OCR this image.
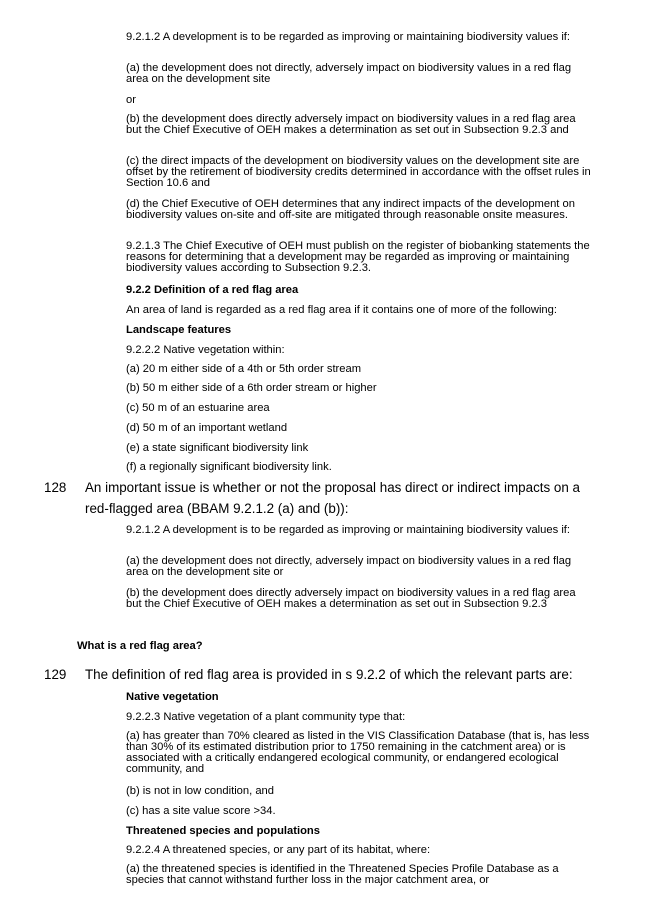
9.2.1.2 A development is to be regarded as improving or maintaining biodiversity values if:

(a) the development does not directly, adversely impact on biodiversity values in a red flag area on the development site

or

(b) the development does directly adversely impact on biodiversity values in a red flag area but the Chief Executive of OEH makes a determination as set out in Subsection 9.2.3 and

(c) the direct impacts of the development on biodiversity values on the development site are offset by the retirement of biodiversity credits determined in accordance with the offset rules in Section 10.6 and

(d) the Chief Executive of OEH determines that any indirect impacts of the development on biodiversity values on-site and off-site are mitigated through reasonable onsite measures.

9.2.1.3 The Chief Executive of OEH must publish on the register of biobanking statements the reasons for determining that a development may be regarded as improving or maintaining biodiversity values according to Subsection 9.2.3.

9.2.2 Definition of a red flag area

An area of land is regarded as a red flag area if it contains one of more of the following:

Landscape features

9.2.2.2 Native vegetation within:

(a) 20 m either side of a 4th or 5th order stream

(b) 50 m either side of a 6th order stream or higher

(c) 50 m of an estuarine area

(d) 50 m of an important wetland

(e) a state significant biodiversity link

(f) a regionally significant biodiversity link.

128 An important issue is whether or not the proposal has direct or indirect impacts on a red-flagged area (BBAM 9.2.1.2 (a) and (b)):

9.2.1.2 A development is to be regarded as improving or maintaining biodiversity values if:

(a) the development does not directly, adversely impact on biodiversity values in a red flag area on the development site or

(b) the development does directly adversely impact on biodiversity values in a red flag area but the Chief Executive of OEH makes a determination as set out in Subsection 9.2.3

What is a red flag area?

129 The definition of red flag area is provided in s 9.2.2 of which the relevant parts are:

Native vegetation

9.2.2.3 Native vegetation of a plant community type that:

(a) has greater than 70% cleared as listed in the VIS Classification Database (that is, has less than 30% of its estimated distribution prior to 1750 remaining in the catchment area) or is associated with a critically endangered ecological community, or endangered ecological community, and

(b) is not in low condition, and

(c) has a site value score >34.

Threatened species and populations

9.2.2.4 A threatened species, or any part of its habitat, where:

(a) the threatened species is identified in the Threatened Species Profile Database as a species that cannot withstand further loss in the major catchment area, or
